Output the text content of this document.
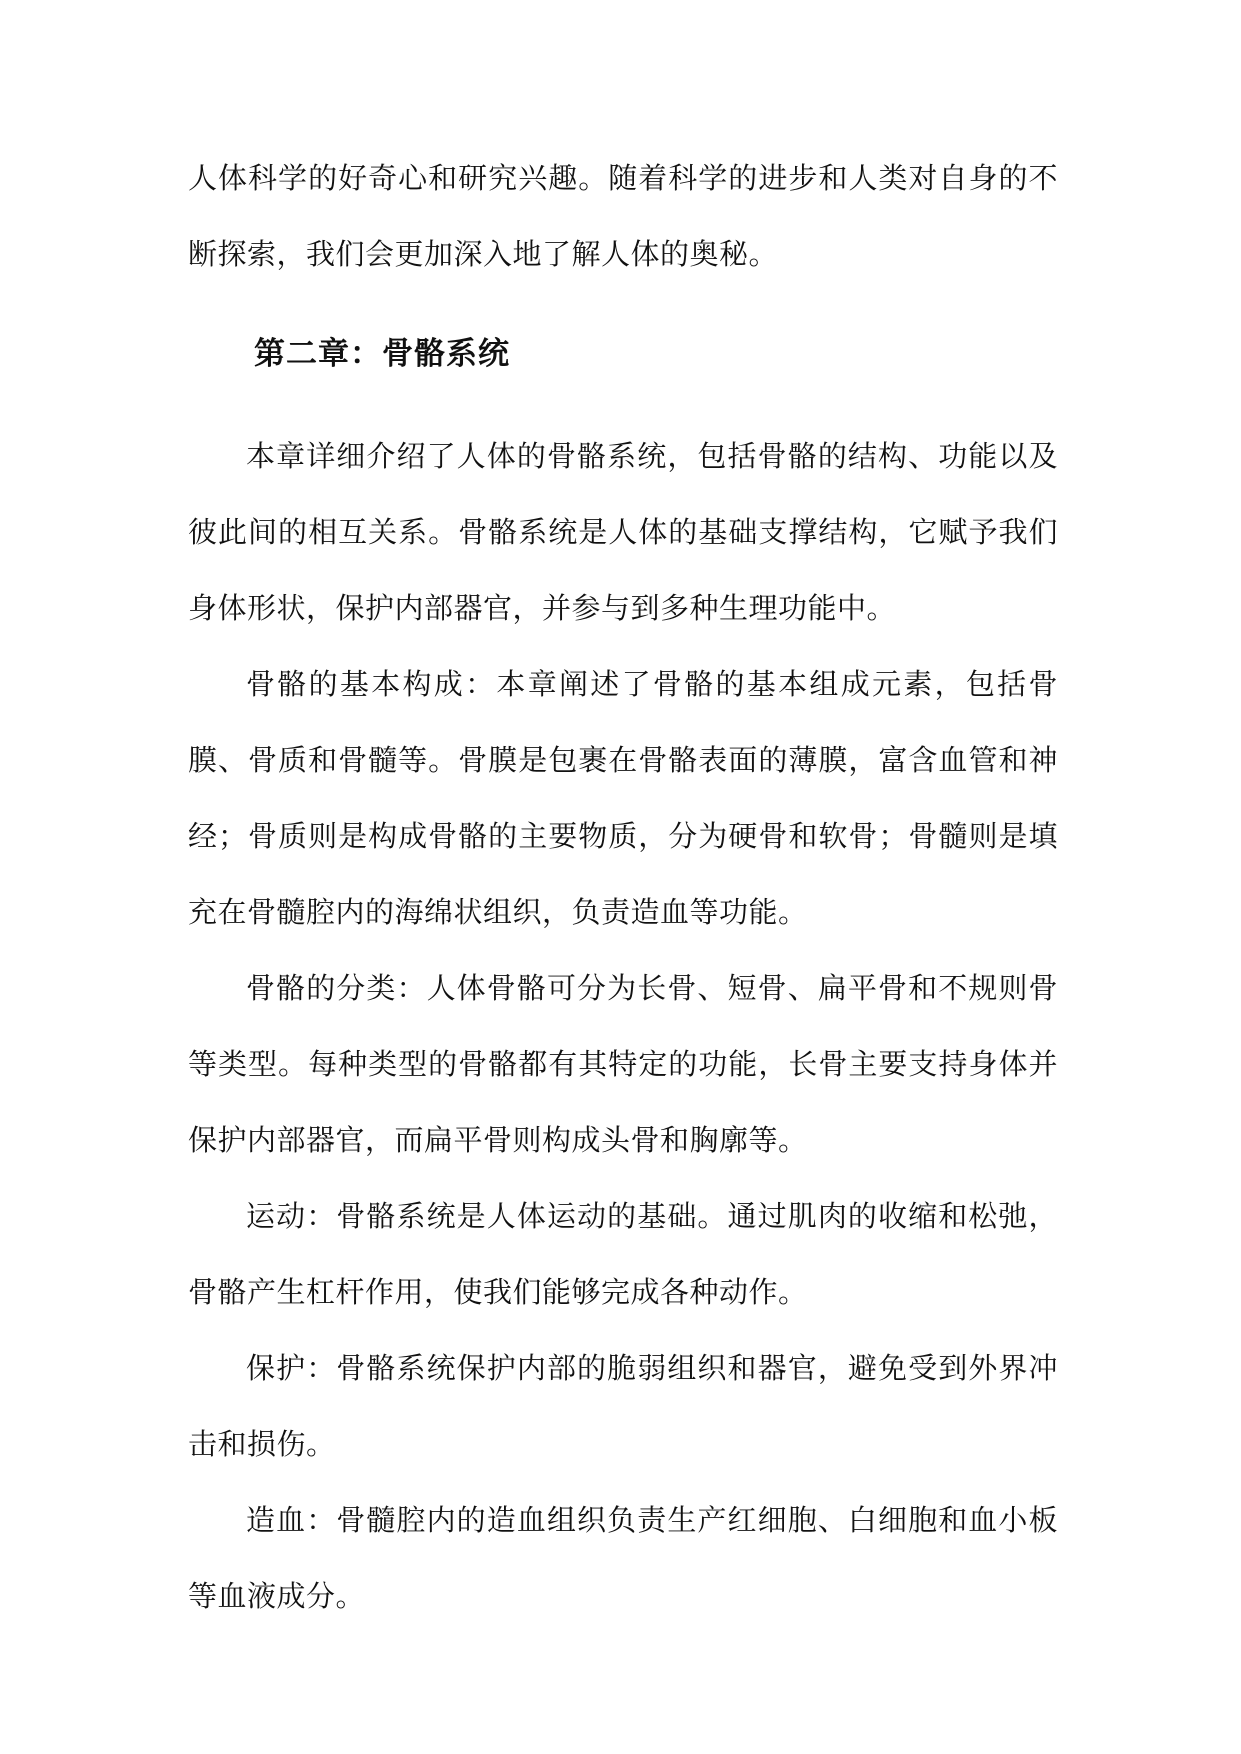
人体科学的好奇心和研究兴趣。随着科学的进步和人类对自身的不断探索，我们会更加深入地了解人体的奥秘。

第二章：骨骼系统

本章详细介绍了人体的骨骼系统，包括骨骼的结构、功能以及彼此间的相互关系。骨骼系统是人体的基础支撑结构，它赋予我们身体形状，保护内部器官，并参与到多种生理功能中。

骨骼的基本构成：本章阐述了骨骼的基本组成元素，包括骨膜、骨质和骨髓等。骨膜是包裹在骨骼表面的薄膜，富含血管和神经；骨质则是构成骨骼的主要物质，分为硬骨和软骨；骨髓则是填充在骨髓腔内的海绵状组织，负责造血等功能。

骨骼的分类：人体骨骼可分为长骨、短骨、扁平骨和不规则骨等类型。每种类型的骨骼都有其特定的功能，长骨主要支持身体并保护内部器官，而扁平骨则构成头骨和胸廓等。

运动：骨骼系统是人体运动的基础。通过肌肉的收缩和松弛，骨骼产生杠杆作用，使我们能够完成各种动作。

保护：骨骼系统保护内部的脆弱组织和器官，避免受到外界冲击和损伤。

造血：骨髓腔内的造血组织负责生产红细胞、白细胞和血小板等血液成分。
